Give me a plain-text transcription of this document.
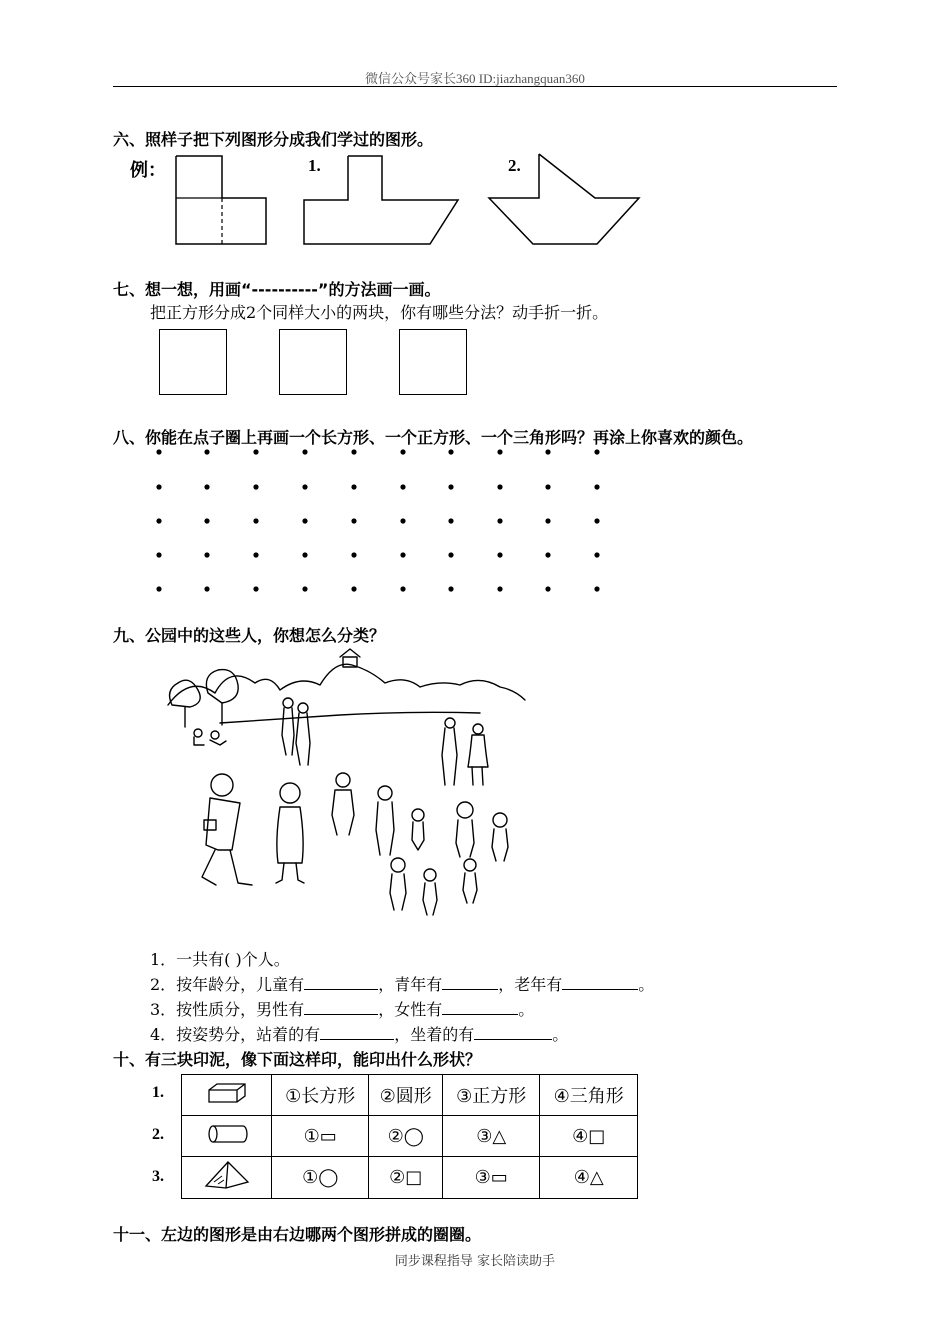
微信公众号家长360 ID:jiazhangquan360
六、照样子把下列图形分成我们学过的图形。
例：	1.	2.
七、想一想，用画“----------”的方法画一画。
把正方形分成2个同样大小的两块，你有哪些分法？动手折一折。
八、你能在点子圈上再画一个长方形、一个正方形、一个三角形吗？再涂上你喜欢的颜色。
九、公园中的这些人，你想怎么分类？
1．一共有( )个人。
2．按年龄分，儿童有	，青年有	，老年有	。
3．按性质分，男性有	，女性有	。
4．按姿势分，站着的有	，坐着的有	。
十、有三块印泥，像下面这样印，能印出什么形状？
1.
2.
3.
	①长方形	②圆形	③正方形	④三角形
	①▭	②◯	③△	④□
	①◯	②□	③▭	④△
十一、左边的图形是由右边哪两个图形拼成的圈圈。
同步课程指导 家长陪读助手
